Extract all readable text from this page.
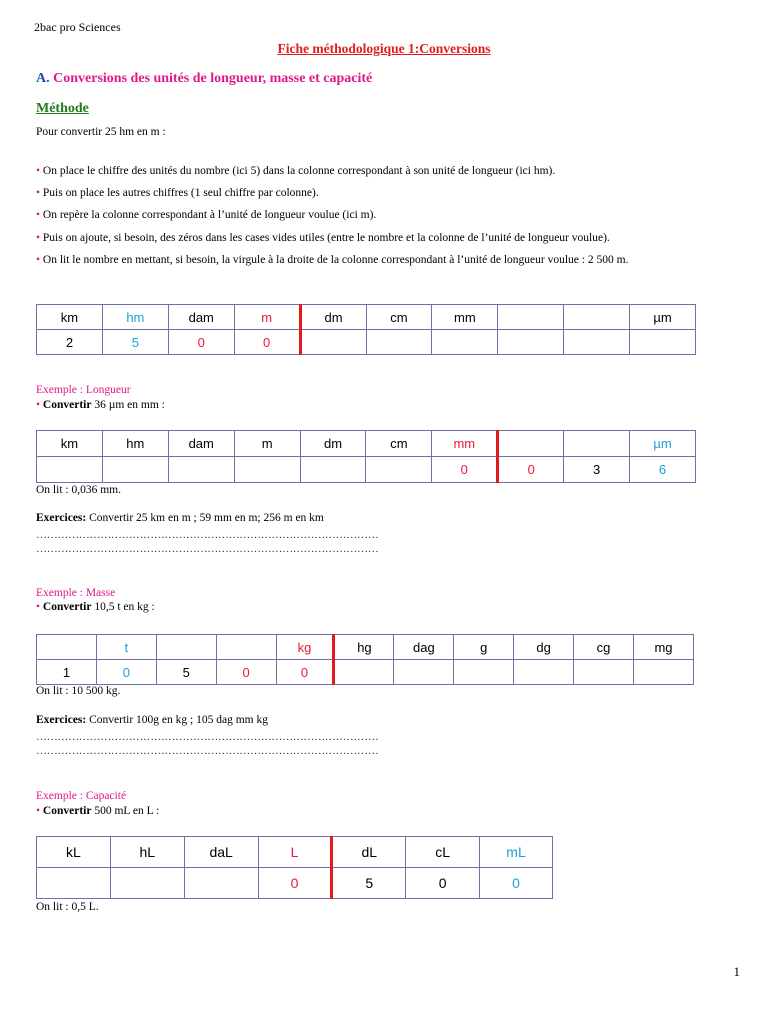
2bac pro Sciences
Fiche méthodologique 1:Conversions
A. Conversions des unités de longueur, masse et capacité
Méthode
Pour convertir 25 hm en m :
• On place le chiffre des unités du nombre (ici 5) dans la colonne correspondant à son unité de longueur (ici hm).
• Puis on place les autres chiffres (1 seul chiffre par colonne).
• On repère la colonne correspondant à l’unité de longueur voulue (ici m).
• Puis on ajoute, si besoin, des zéros dans les cases vides utiles (entre le nombre et la colonne de l’unité de longueur voulue).
• On lit le nombre en mettant, si besoin, la virgule à la droite de la colonne correspondant à l’unité de longueur voulue : 2 500 m.
km	hm	dam	m	dm	cm	mm			µm
2	5	0	0						
Exemple : Longueur
• Convertir 36 µm en mm :
km	hm	dam	m	dm	cm	mm			µm
						0	0	3	6
On lit : 0,036 mm.
Exercices: Convertir 25 km en m ; 59 mm en m; 256 m en km
……………………………………………………………………………………
……………………………………………………………………………………
Exemple : Masse
• Convertir 10,5 t en kg :
	t			kg	hg	dag	g	dg	cg	mg
1	0	5	0	0						
On lit : 10 500 kg.
Exercices: Convertir 100g en kg ; 105 dag mm kg
……………………………………………………………………………………
……………………………………………………………………………………
Exemple : Capacité
• Convertir 500 mL en L :
kL	hL	daL	L	dL	cL	mL
			0	5	0	0
On lit : 0,5 L.
1
